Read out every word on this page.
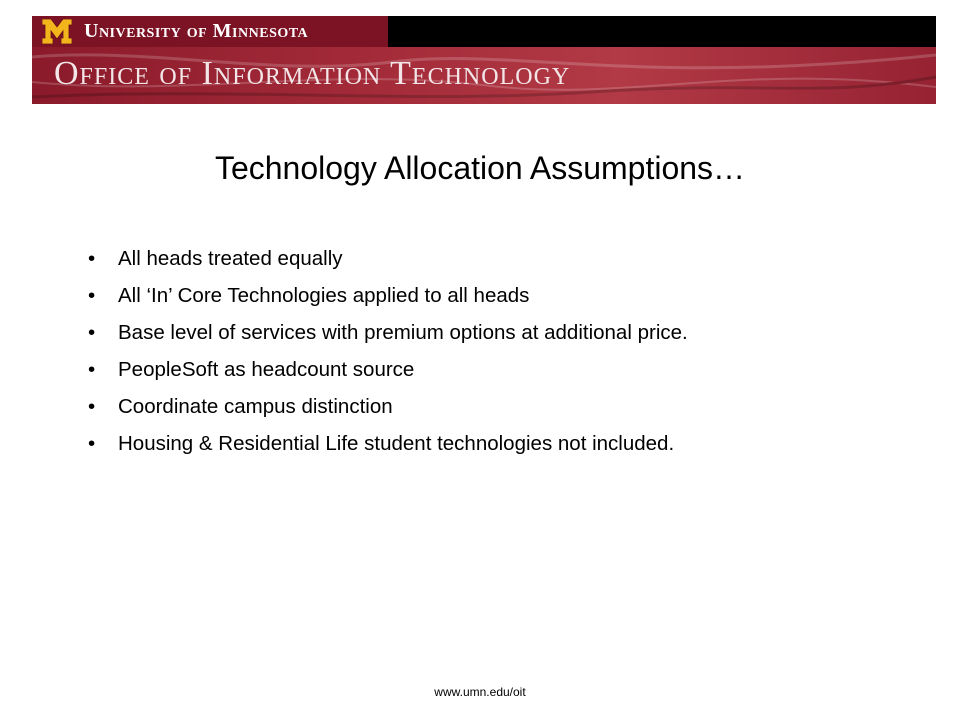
University of Minnesota
Office of Information Technology
Technology Allocation Assumptions…
• All heads treated equally
• All ‘In’ Core Technologies applied to all heads
• Base level of services with premium options at additional price.
• PeopleSoft as headcount source
• Coordinate campus distinction
• Housing & Residential Life student technologies not included.
www.umn.edu/oit
